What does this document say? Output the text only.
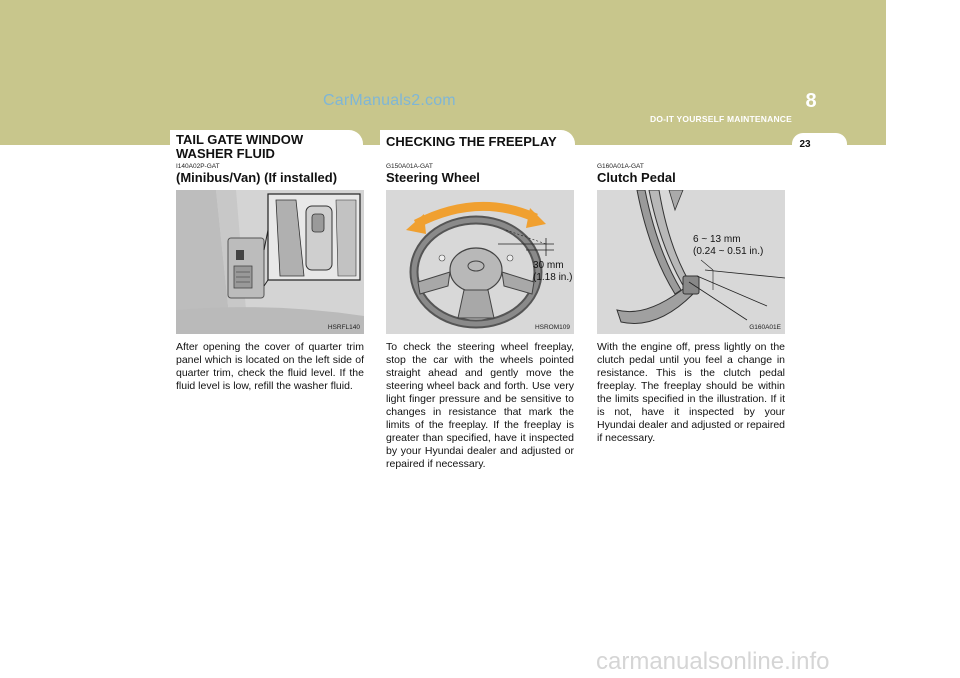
CarManuals2.com	8
DO-IT YOURSELF MAINTENANCE
23
TAIL GATE WINDOW
WASHER FLUID
CHECKING THE FREEPLAY
I140A02P-GAT
(Minibus/Van) (If installed)
HSRFL140
After opening the cover of quarter trim panel which is located on the left side of quarter trim, check the fluid level. If the fluid level is low, refill the washer fluid.
G150A01A-GAT
Steering Wheel
30 mm
(1.18 in.)
HSROM109
To check the steering wheel freeplay, stop the car with the wheels pointed straight ahead and gently move the steering wheel back and forth. Use very light finger pressure and be sensitive to changes in resistance that mark the limits of the freeplay. If the freeplay is greater than specified, have it inspected by your Hyundai dealer and adjusted or repaired if necessary.
G160A01A-GAT
Clutch Pedal
6 ~ 13 mm
(0.24 ~ 0.51 in.)
G160A01E
With the engine off, press lightly on the clutch pedal until you feel a change in resistance. This is the clutch pedal freeplay. The freeplay should be within the limits specified in the illustration. If it is not, have it inspected by your Hyundai dealer and adjusted or repaired if necessary.
carmanualsonline.info
